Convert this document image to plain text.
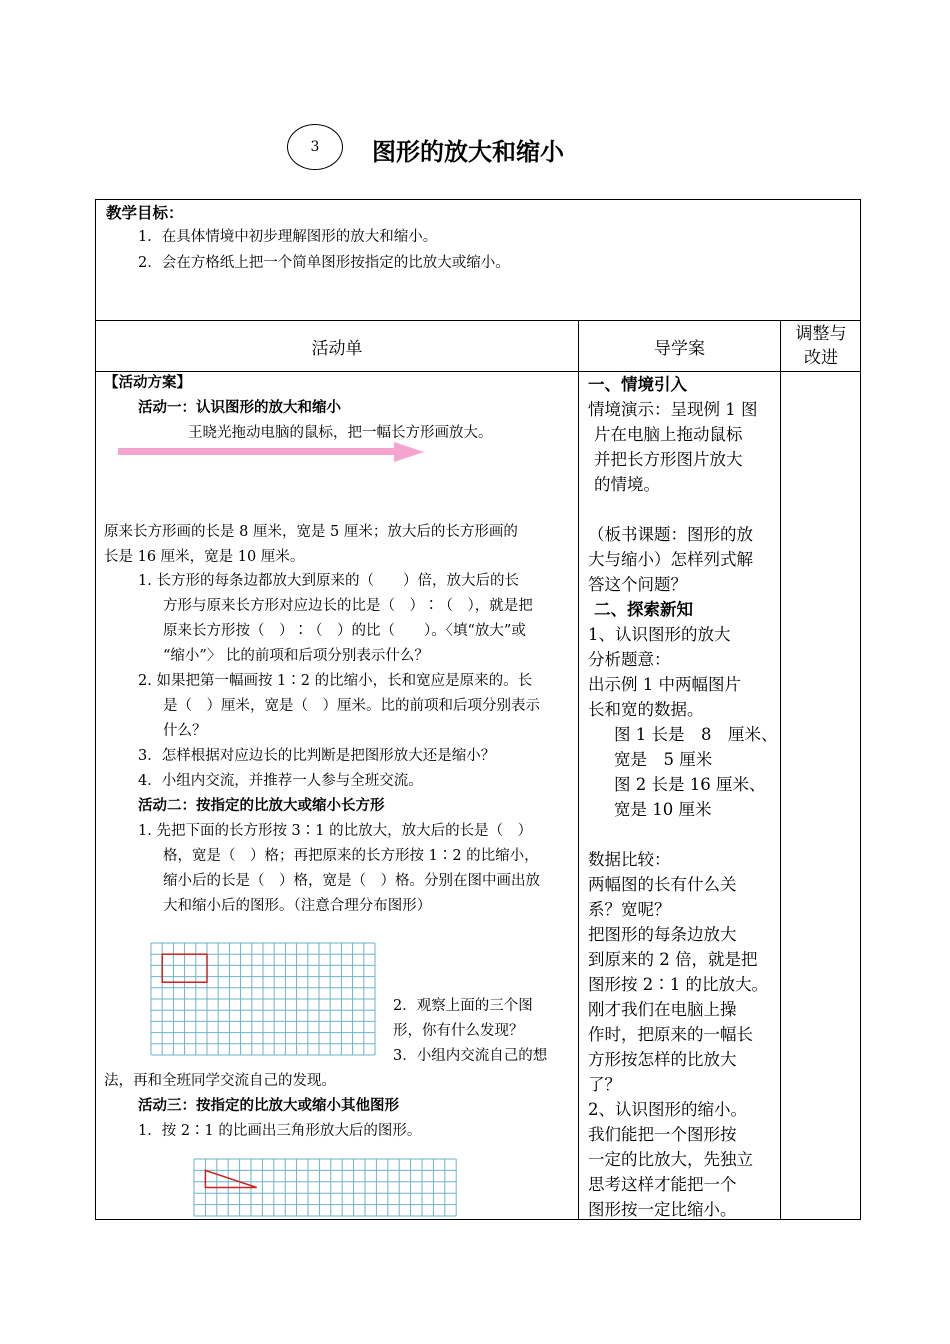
3 图形的放大和缩小
教学目标：
1．在具体情境中初步理解图形的放大和缩小。
2．会在方格纸上把一个简单图形按指定的比放大或缩小。
活动单	导学案
调整与
改进
【活动方案】
活动一：认识图形的放大和缩小
王晓光拖动电脑的鼠标，把一幅长方形画放大。
原来长方形画的长是 8 厘米，宽是 5 厘米；放大后的长方形画的
长是 16 厘米，宽是 10 厘米。
1. 长方形的每条边都放大到原来的（　　）倍，放大后的长
方形与原来长方形对应边长的比是（　）∶（　），就是把
原来长方形按（　）∶（　）的比（　　）。〈填“放大”或
“缩小”〉 比的前项和后项分别表示什么？
2. 如果把第一幅画按 1∶2 的比缩小，长和宽应是原来的。长
是（　）厘米，宽是（　）厘米。比的前项和后项分别表示
什么？
3．怎样根据对应边长的比判断是把图形放大还是缩小？
4．小组内交流，并推荐一人参与全班交流。
活动二：按指定的比放大或缩小长方形
1. 先把下面的长方形按 3∶1 的比放大，放大后的长是（　）
格，宽是（　）格；再把原来的长方形按 1∶2 的比缩小，
缩小后的长是（　）格，宽是（　）格。分别在图中画出放
大和缩小后的图形。（注意合理分布图形）
2．观察上面的三个图
形，你有什么发现？
3．小组内交流自己的想
法，再和全班同学交流自己的发现。
活动三：按指定的比放大或缩小其他图形
1．按 2∶1 的比画出三角形放大后的图形。
一、情境引入
情境演示：呈现例 1 图
片在电脑上拖动鼠标
并把长方形图片放大
的情境。
（板书课题：图形的放
大与缩小）怎样列式解
答这个问题？
二、探索新知
1、认识图形的放大
分析题意：
出示例 1 中两幅图片
长和宽的数据。
图 1 长是　8　厘米、
宽是　5 厘米
图 2 长是 16 厘米、
宽是 10 厘米
数据比较：
两幅图的长有什么关
系？宽呢？
把图形的每条边放大
到原来的 2 倍，就是把
图形按 2∶1 的比放大。
刚才我们在电脑上操
作时，把原来的一幅长
方形按怎样的比放大
了？
2、认识图形的缩小。
我们能把一个图形按
一定的比放大，先独立
思考这样才能把一个
图形按一定比缩小。
